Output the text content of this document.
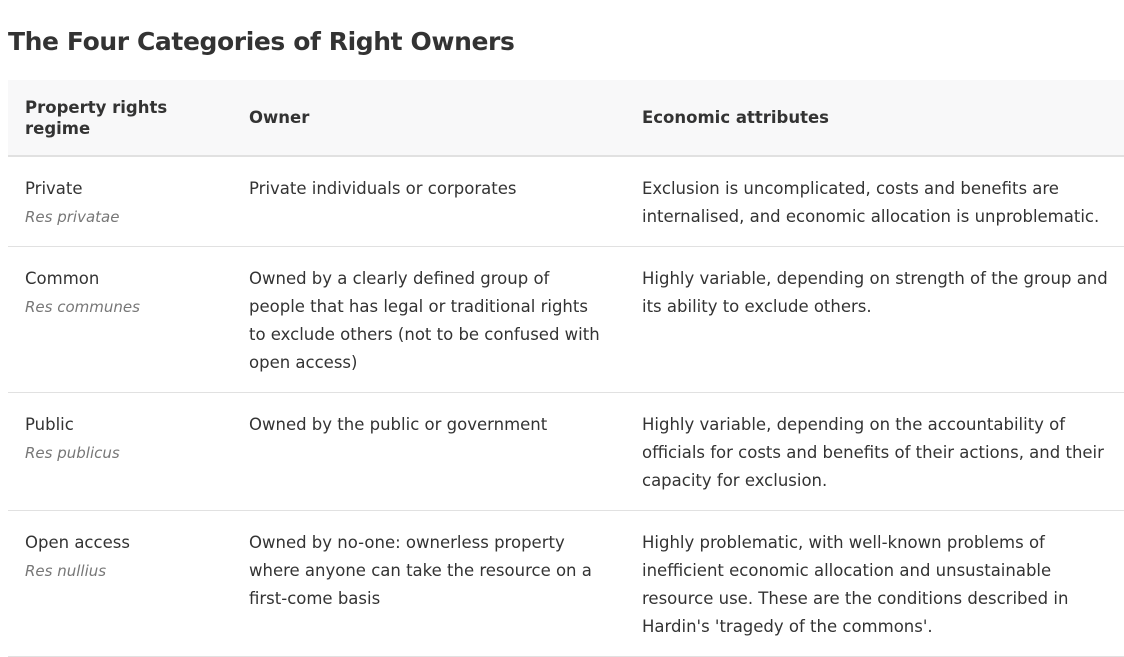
The Four Categories of Right Owners
Property rights regime	Owner	Economic attributes

Private
Res privatae	Private individuals or corporates	Exclusion is uncomplicated, costs and benefits are internalised, and economic allocation is unproblematic.

Common
Res communes	Owned by a clearly defined group of people that has legal or traditional rights to exclude others (not to be confused with open access)	Highly variable, depending on strength of the group and its ability to exclude others.

Public
Res publicus	Owned by the public or government	Highly variable, depending on the accountability of officials for costs and benefits of their actions, and their capacity for exclusion.

Open access
Res nullius	Owned by no-one: ownerless property where anyone can take the resource on a first-come basis	Highly problematic, with well-known problems of inefficient economic allocation and unsustainable resource use. These are the conditions described in Hardin's 'tragedy of the commons'.
